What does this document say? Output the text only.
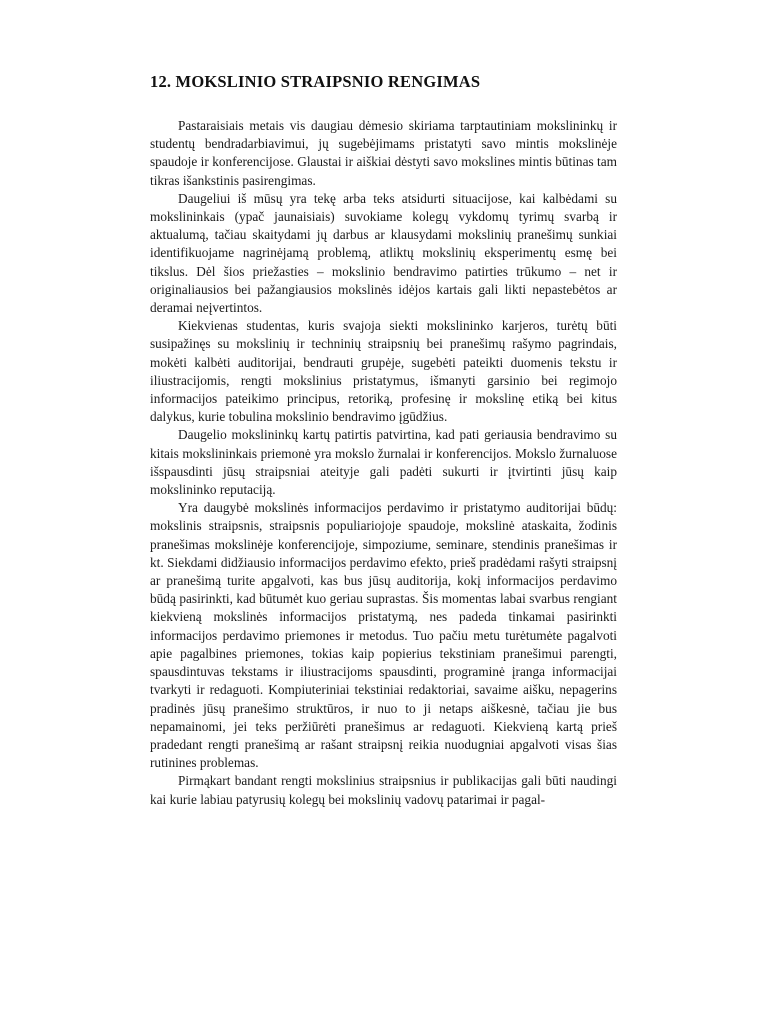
12. MOKSLINIO STRAIPSNIO RENGIMAS

Pastaraisiais metais vis daugiau dėmesio skiriama tarptautiniam mokslininkų ir studentų bendradarbiavimui, jų sugebėjimams pristatyti savo mintis mokslinėje spaudoje ir konferencijose. Glaustai ir aiškiai dėstyti savo mokslines mintis būtinas tam tikras išankstinis pasirengimas.

Daugeliui iš mūsų yra tekę arba teks atsidurti situacijose, kai kalbėdami su mokslininkais (ypač jaunaisiais) suvokiame kolegų vykdomų tyrimų svarbą ir aktualumą, tačiau skaitydami jų darbus ar klausydami mokslinių pranešimų sunkiai identifikuojame nagrinėjamą problemą, atliktų mokslinių eksperimentų esmę bei tikslus. Dėl šios priežasties – mokslinio bendravimo patirties trūkumo – net ir originaliausios bei pažangiausios mokslinės idėjos kartais gali likti nepastebėtos ar deramai neįvertintos.

Kiekvienas studentas, kuris svajoja siekti mokslininko karjeros, turėtų būti susipažinęs su mokslinių ir techninių straipsnių bei pranešimų rašymo pagrindais, mokėti kalbėti auditorijai, bendrauti grupėje, sugebėti pateikti duomenis tekstu ir iliustracijomis, rengti mokslinius pristatymus, išmanyti garsinio bei regimojo informacijos pateikimo principus, retoriką, profesinę ir mokslinę etiką bei kitus dalykus, kurie tobulina mokslinio bendravimo įgūdžius.

Daugelio mokslininkų kartų patirtis patvirtina, kad pati geriausia bendravimo su kitais mokslininkais priemonė yra mokslo žurnalai ir konferencijos. Mokslo žurnaluose išspausdinti jūsų straipsniai ateityje gali padėti sukurti ir įtvirtinti jūsų kaip mokslininko reputaciją.

Yra daugybė mokslinės informacijos perdavimo ir pristatymo auditorijai būdų: mokslinis straipsnis, straipsnis populiariojoje spaudoje, mokslinė ataskaita, žodinis pranešimas mokslinėje konferencijoje, simpoziume, seminare, stendinis pranešimas ir kt. Siekdami didžiausio informacijos perdavimo efekto, prieš pradėdami rašyti straipsnį ar pranešimą turite apgalvoti, kas bus jūsų auditorija, kokį informacijos perdavimo būdą pasirinkti, kad būtumėt kuo geriau suprastas. Šis momentas labai svarbus rengiant kiekvieną mokslinės informacijos pristatymą, nes padeda tinkamai pasirinkti informacijos perdavimo priemones ir metodus. Tuo pačiu metu turėtumėte pagalvoti apie pagalbines priemones, tokias kaip popierius tekstiniam pranešimui parengti, spausdintuvas tekstams ir iliustracijoms spausdinti, programinė įranga informacijai tvarkyti ir redaguoti. Kompiuteriniai tekstiniai redaktoriai, savaime aišku, nepagerins pradinės jūsų pranešimo struktūros, ir nuo to ji netaps aiškesnė, tačiau jie bus nepamainomi, jei teks peržiūrėti pranešimus ar redaguoti. Kiekvieną kartą prieš pradedant rengti pranešimą ar rašant straipsnį reikia nuodugniai apgalvoti visas šias rutinines problemas.

Pirmąkart bandant rengti mokslinius straipsnius ir publikacijas gali būti naudingi kai kurie labiau patyrusių kolegų bei mokslinių vadovų patarimai ir pagal-
